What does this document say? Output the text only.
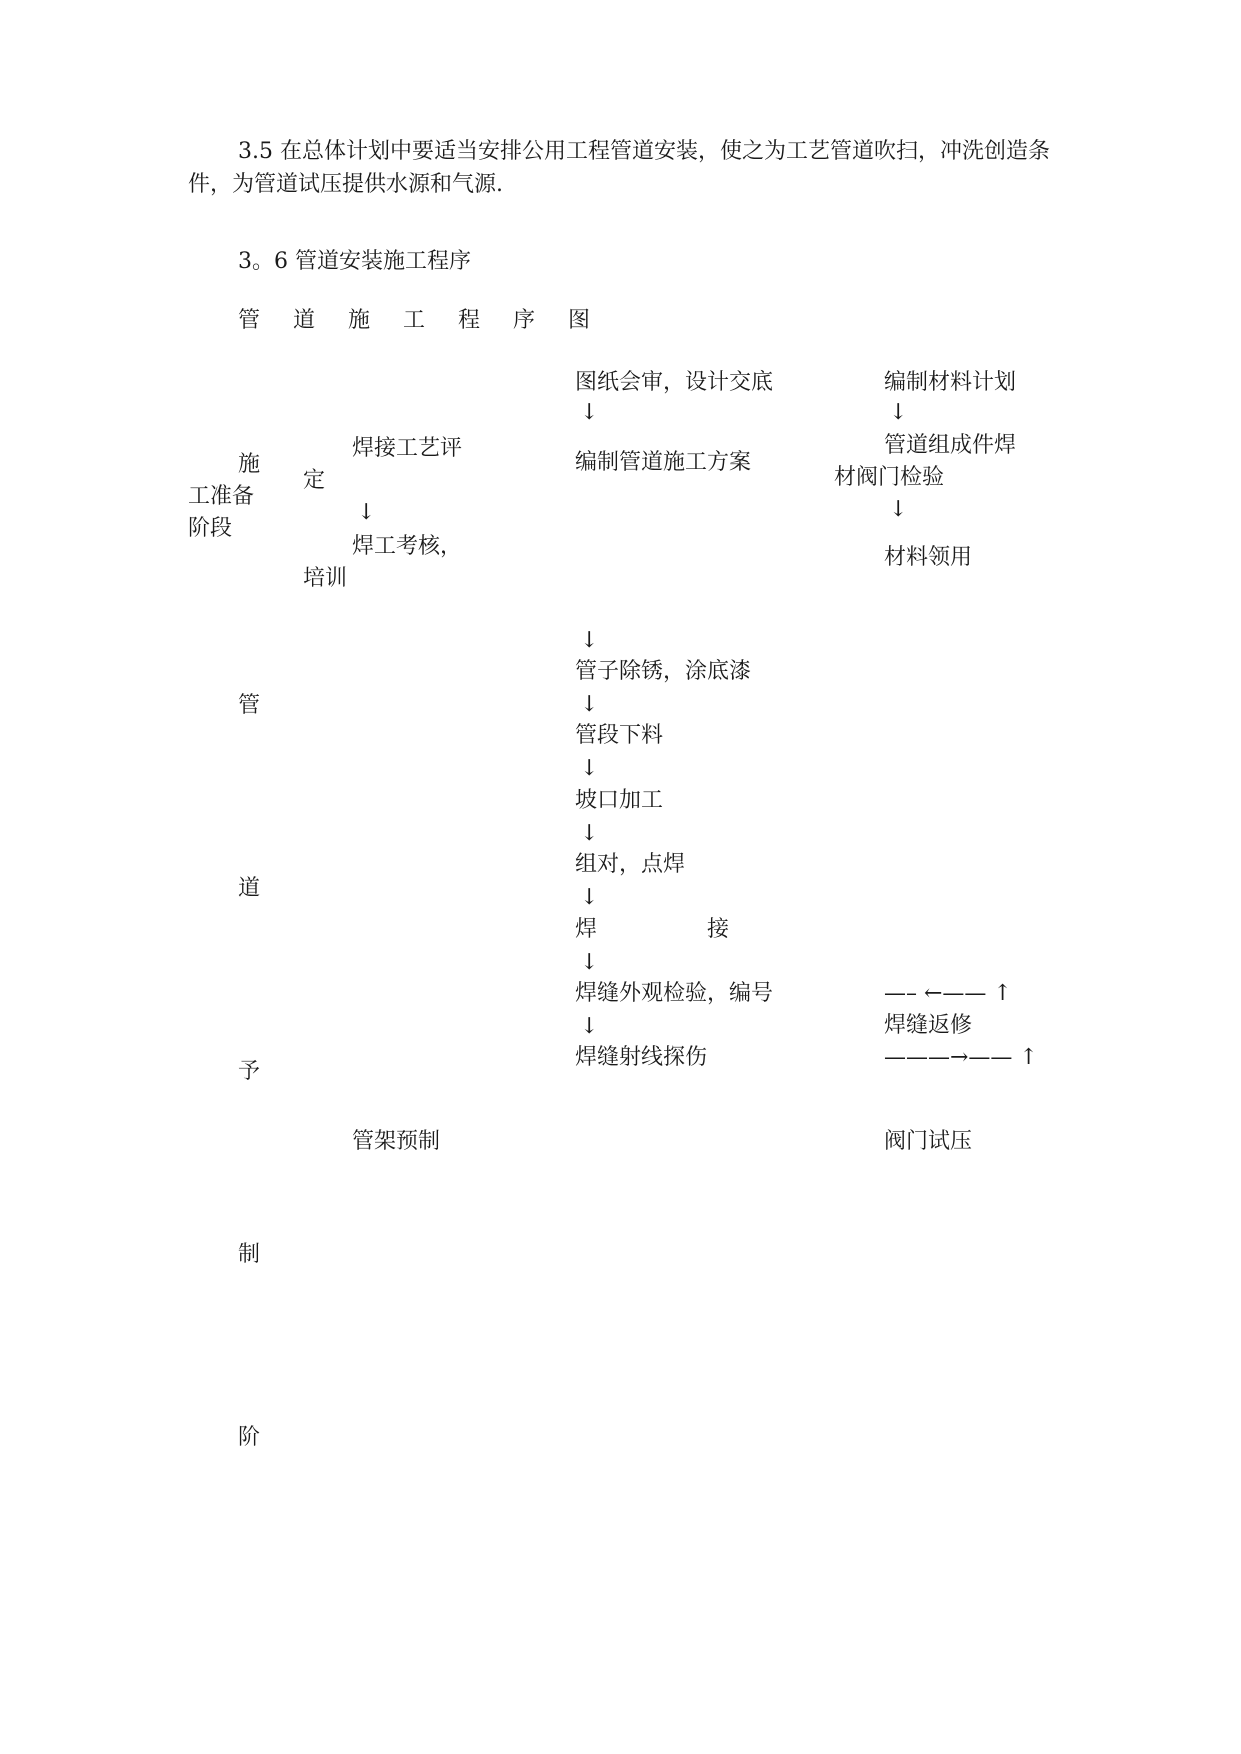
3.5 在总体计划中要适当安排公用工程管道安装，使之为工艺管道吹扫，冲洗创造条件，为管道试压提供水源和气源.
3。6 管道安装施工程序
管 道 施 工 程 序 图
施
工准备
阶段
管
道
予
制
阶
焊接工艺评
定
↓
焊工考核，
培训
管架预制
图纸会审，设计交底
↓
编制管道施工方案
↓
管子除锈，涂底漆
↓
管段下料
↓
坡口加工
↓
组对，点焊
↓
焊	接
↓
焊缝外观检验，编号
↓
焊缝射线探伤
编制材料计划
↓
管道组成件焊
材阀门检验
↓
材料领用
—– ←—— ↑
焊缝返修
———→—— ↑
阀门试压
